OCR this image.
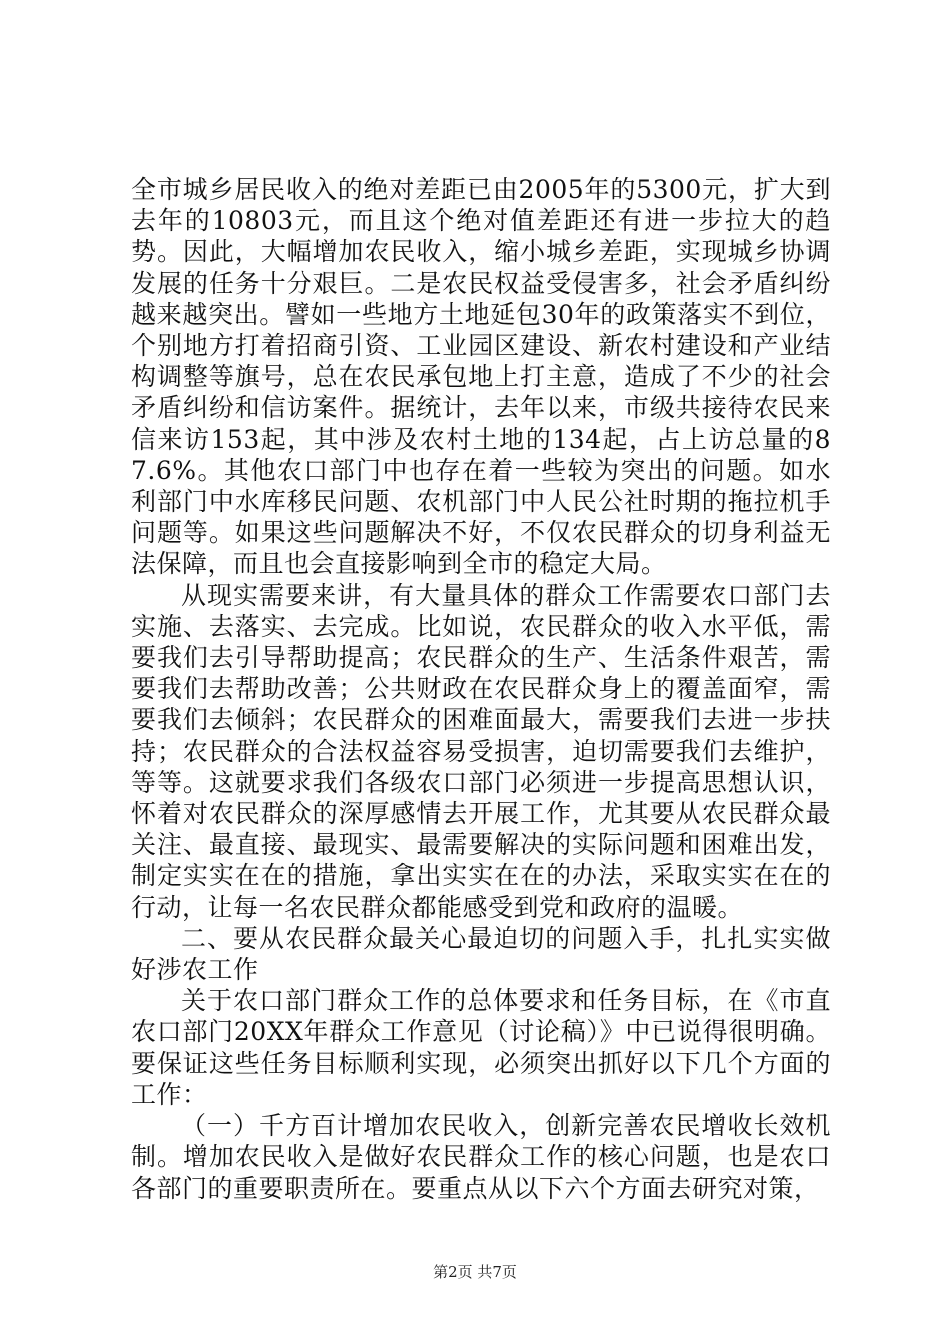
全市城乡居民收入的绝对差距已由2005年的5300元，扩大到去年的10803元，而且这个绝对值差距还有进一步拉大的趋势。因此，大幅增加农民收入，缩小城乡差距，实现城乡协调发展的任务十分艰巨。二是农民权益受侵害多，社会矛盾纠纷越来越突出。譬如一些地方土地延包30年的政策落实不到位，个别地方打着招商引资、工业园区建设、新农村建设和产业结构调整等旗号，总在农民承包地上打主意，造成了不少的社会矛盾纠纷和信访案件。据统计，去年以来，市级共接待农民来信来访153起，其中涉及农村土地的134起，占上访总量的87.6%。其他农口部门中也存在着一些较为突出的问题。如水利部门中水库移民问题、农机部门中人民公社时期的拖拉机手问题等。如果这些问题解决不好，不仅农民群众的切身利益无法保障，而且也会直接影响到全市的稳定大局。

从现实需要来讲，有大量具体的群众工作需要农口部门去实施、去落实、去完成。比如说，农民群众的收入水平低，需要我们去引导帮助提高；农民群众的生产、生活条件艰苦，需要我们去帮助改善；公共财政在农民群众身上的覆盖面窄，需要我们去倾斜；农民群众的困难面最大，需要我们去进一步扶持；农民群众的合法权益容易受损害，迫切需要我们去维护，等等。这就要求我们各级农口部门必须进一步提高思想认识，怀着对农民群众的深厚感情去开展工作，尤其要从农民群众最关注、最直接、最现实、最需要解决的实际问题和困难出发，制定实实在在的措施，拿出实实在在的办法，采取实实在在的行动，让每一名农民群众都能感受到党和政府的温暖。

二、要从农民群众最关心最迫切的问题入手，扎扎实实做好涉农工作

关于农口部门群众工作的总体要求和任务目标，在《市直农口部门20XX年群众工作意见（讨论稿）》中已说得很明确。要保证这些任务目标顺利实现，必须突出抓好以下几个方面的工作：

（一）千方百计增加农民收入，创新完善农民增收长效机制。增加农民收入是做好农民群众工作的核心问题，也是农口各部门的重要职责所在。要重点从以下六个方面去研究对策，

第2页 共7页
